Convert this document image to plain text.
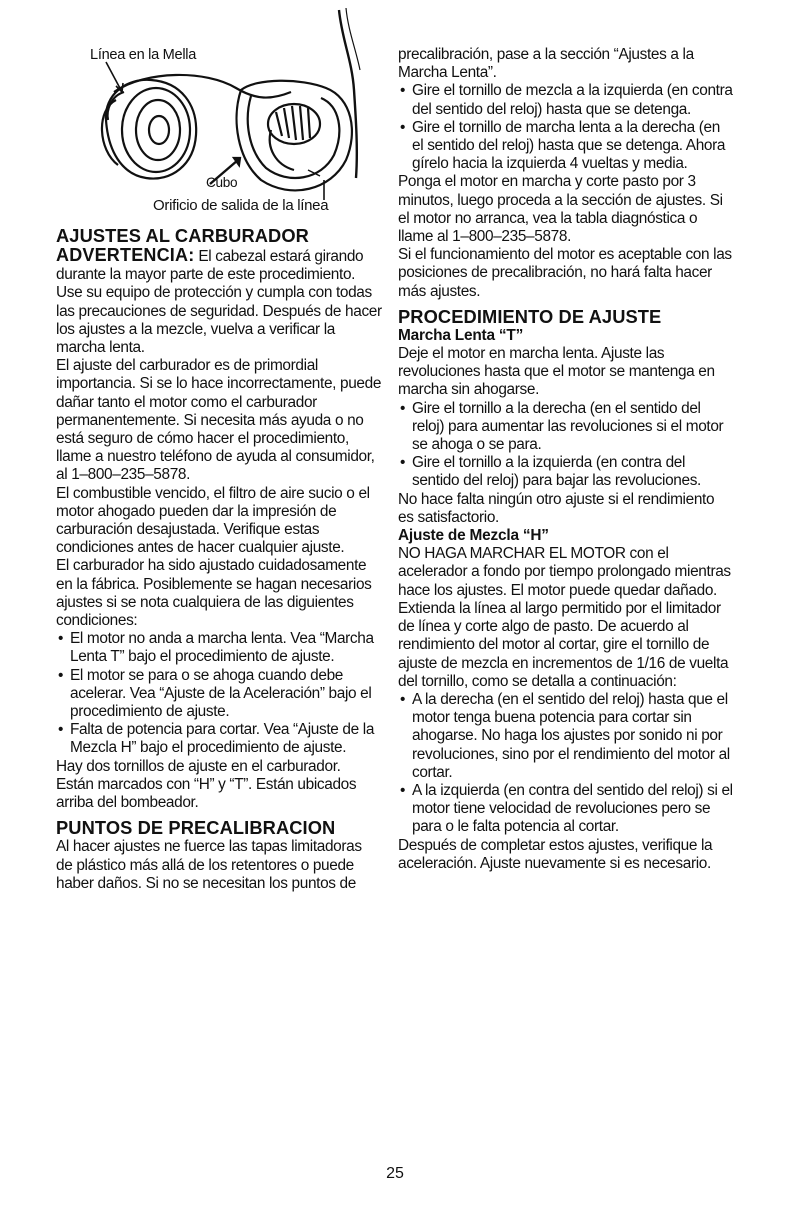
Línea en la Mella
Cubo
Orificio de salida de la línea
AJUSTES AL CARBURADOR

ADVERTENCIA: El cabezal estará girando durante la mayor parte de este procedimiento. Use su equipo de protección y cumpla con todas las precauciones de seguridad. Después de hacer los ajustes a la mezcle, vuelva a verificar la marcha lenta.

El ajuste del carburador es de primordial importancia. Si se lo hace incorrectamente, puede dañar tanto el motor como el carburador permanentemente. Si necesita más ayuda o no está seguro de cómo hacer el procedimiento, llame a nuestro teléfono de ayuda al consumidor, al 1–800–235–5878.

El combustible vencido, el filtro de aire sucio o el motor ahogado pueden dar la impresión de carburación desajustada. Verifique estas condiciones antes de hacer cualquier ajuste.

El carburador ha sido ajustado cuidadosamente en la fábrica. Posiblemente se hagan necesarios ajustes si se nota cualquiera de las diguientes condiciones:

• El motor no anda a marcha lenta. Vea “Marcha Lenta T” bajo el procedimiento de ajuste.
• El motor se para o se ahoga cuando debe acelerar. Vea “Ajuste de la Aceleración” bajo el procedimiento de ajuste.
• Falta de potencia para cortar. Vea “Ajuste de la Mezcla H” bajo el procedimiento de ajuste.

Hay dos tornillos de ajuste en el carburador. Están marcados con “H” y “T”. Están ubicados arriba del bombeador.

PUNTOS DE PRECALIBRACION

Al hacer ajustes ne fuerce las tapas limitadoras de plástico más allá de los retentores o puede haber daños. Si no se necesitan los puntos de

precalibración, pase a la sección “Ajustes a la Marcha Lenta”.

• Gire el tornillo de mezcla a la izquierda (en contra del sentido del reloj) hasta que se detenga.
• Gire el tornillo de marcha lenta a la derecha (en el sentido del reloj) hasta que se detenga. Ahora gírelo hacia la izquierda 4 vueltas y media.

Ponga el motor en marcha y corte pasto por 3 minutos, luego proceda a la sección de ajustes. Si el motor no arranca, vea la tabla diagnóstica o llame al 1–800–235–5878.

Si el funcionamiento del motor es aceptable con las posiciones de precalibración, no hará falta hacer más ajustes.

PROCEDIMIENTO DE AJUSTE
Marcha Lenta “T”

Deje el motor en marcha lenta. Ajuste las revoluciones hasta que el motor se mantenga en marcha sin ahogarse.

• Gire el tornillo a la derecha (en el sentido del reloj) para aumentar las revoluciones si el motor se ahoga o se para.
• Gire el tornillo a la izquierda (en contra del sentido del reloj) para bajar las revoluciones.

No hace falta ningún otro ajuste si el rendimiento es satisfactorio.

Ajuste de Mezcla “H”

NO HAGA MARCHAR EL MOTOR con el acelerador a fondo por tiempo prolongado mientras hace los ajustes. El motor puede quedar dañado.

Extienda la línea al largo permitido por el limitador de línea y corte algo de pasto. De acuerdo al rendimiento del motor al cortar, gire el tornillo de ajuste de mezcla en incrementos de 1/16 de vuelta del tornillo, como se detalla a continuación:

• A la derecha (en el sentido del reloj) hasta que el motor tenga buena potencia para cortar sin ahogarse. No haga los ajustes por sonido ni por revoluciones, sino por el rendimiento del motor al cortar.
• A la izquierda (en contra del sentido del reloj) si el motor tiene velocidad de revoluciones pero se para o le falta potencia al cortar.

Después de completar estos ajustes, verifique la aceleración. Ajuste nuevamente si es necesario.

25
